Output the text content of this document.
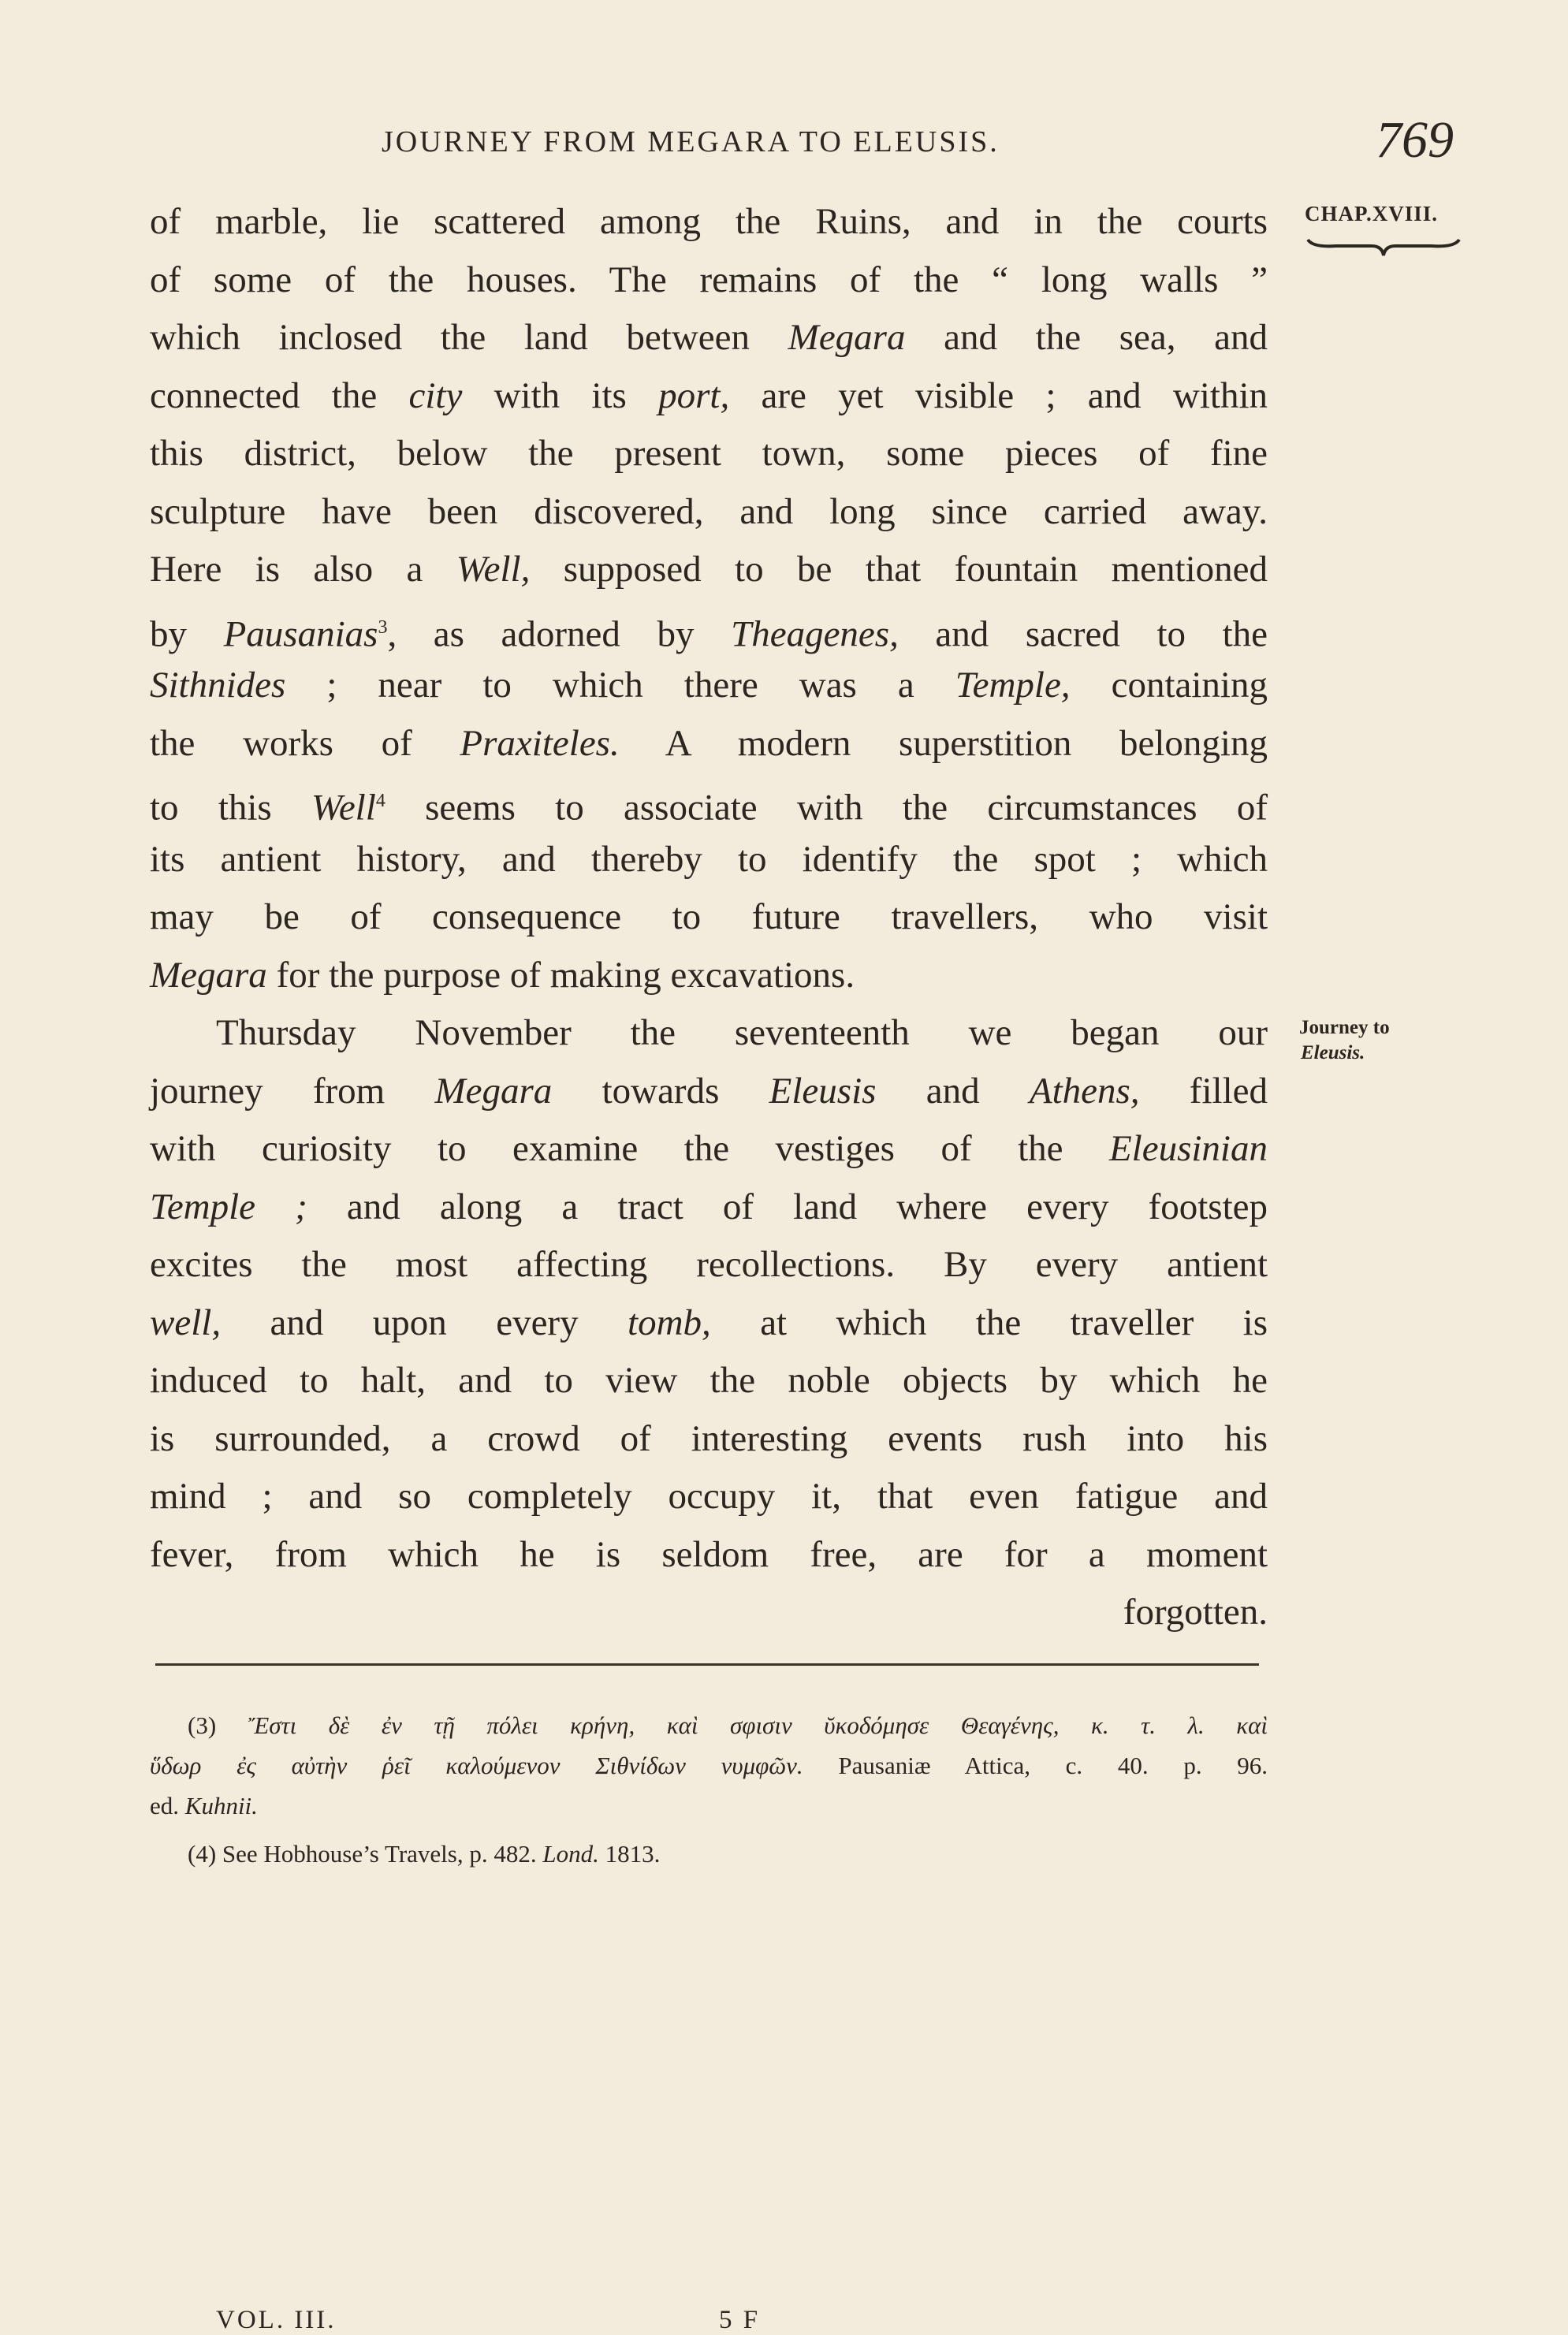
JOURNEY FROM MEGARA TO ELEUSIS.	769
CHAP.XVIII.
Journey to
Eleusis.
of marble, lie scattered among the Ruins, and in the courts
of some of the houses. The remains of the “ long walls ”
which inclosed the land between Megara and the sea, and
connected the city with its port, are yet visible ; and within
this district, below the present town, some pieces of fine
sculpture have been discovered, and long since carried away.
Here is also a Well, supposed to be that fountain mentioned
by Pausanias$^3$, as adorned by Theagenes, and sacred to the
Sithnides ; near to which there was a Temple, containing
the works of Praxiteles. A modern superstition belonging
to this Well$^4$ seems to associate with the circumstances of
its antient history, and thereby to identify the spot ; which
may be of consequence to future travellers, who visit
Megara for the purpose of making excavations.
Thursday November the seventeenth we began our
journey from Megara towards Eleusis and Athens, filled
with curiosity to examine the vestiges of the Eleusinian
Temple ; and along a tract of land where every footstep
excites the most affecting recollections. By every antient
well, and upon every tomb, at which the traveller is
induced to halt, and to view the noble objects by which he
is surrounded, a crowd of interesting events rush into his
mind ; and so completely occupy it, that even fatigue and
fever, from which he is seldom free, are for a moment
forgotten.
(3) Ἔστι δὲ ἐν τῇ πόλει κρήνη, καὶ σφισιν ῠκοδόμησε Θεαγένης, κ. τ. λ. καὶ
ὕδωρ ἐς αὐτὴν ῥεῖ καλούμενον Σιθνίδων νυμφῶν. Pausaniæ Attica, c. 40. p. 96.
ed. Kuhnii.
(4) See Hobhouse’s Travels, p. 482. Lond. 1813.
VOL. III.	5 F
